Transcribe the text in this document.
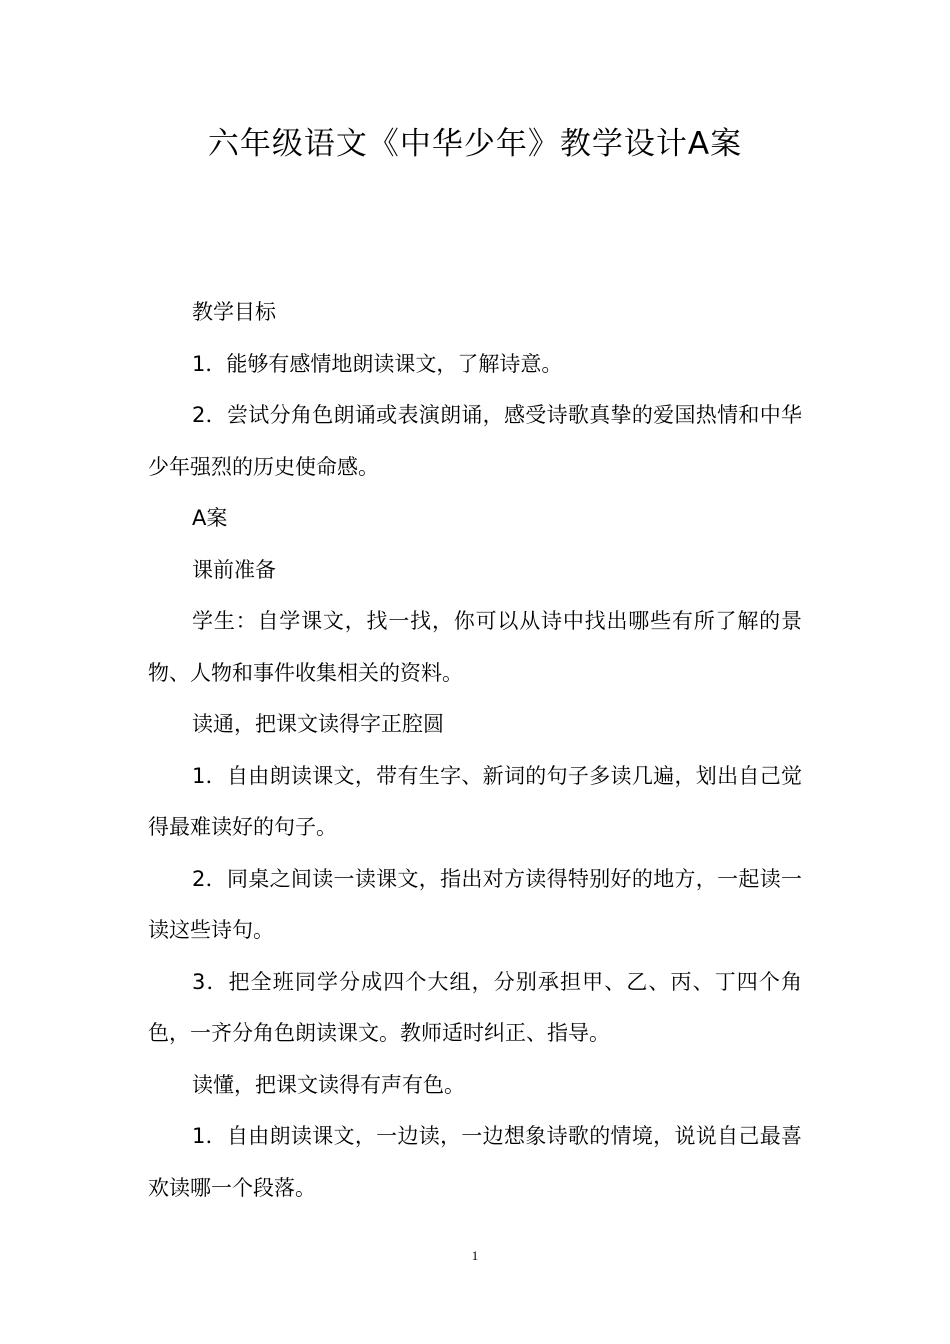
六年级语文《中华少年》教学设计A案

教学目标

1．能够有感情地朗读课文，了解诗意。

2．尝试分角色朗诵或表演朗诵，感受诗歌真挚的爱国热情和中华少年强烈的历史使命感。

A案

课前准备

学生：自学课文，找一找，你可以从诗中找出哪些有所了解的景物、人物和事件收集相关的资料。

读通，把课文读得字正腔圆

1．自由朗读课文，带有生字、新词的句子多读几遍，划出自己觉得最难读好的句子。

2．同桌之间读一读课文，指出对方读得特别好的地方，一起读一读这些诗句。

3．把全班同学分成四个大组，分别承担甲、乙、丙、丁四个角色，一齐分角色朗读课文。教师适时纠正、指导。

读懂，把课文读得有声有色。

1．自由朗读课文，一边读，一边想象诗歌的情境，说说自己最喜欢读哪一个段落。

1
